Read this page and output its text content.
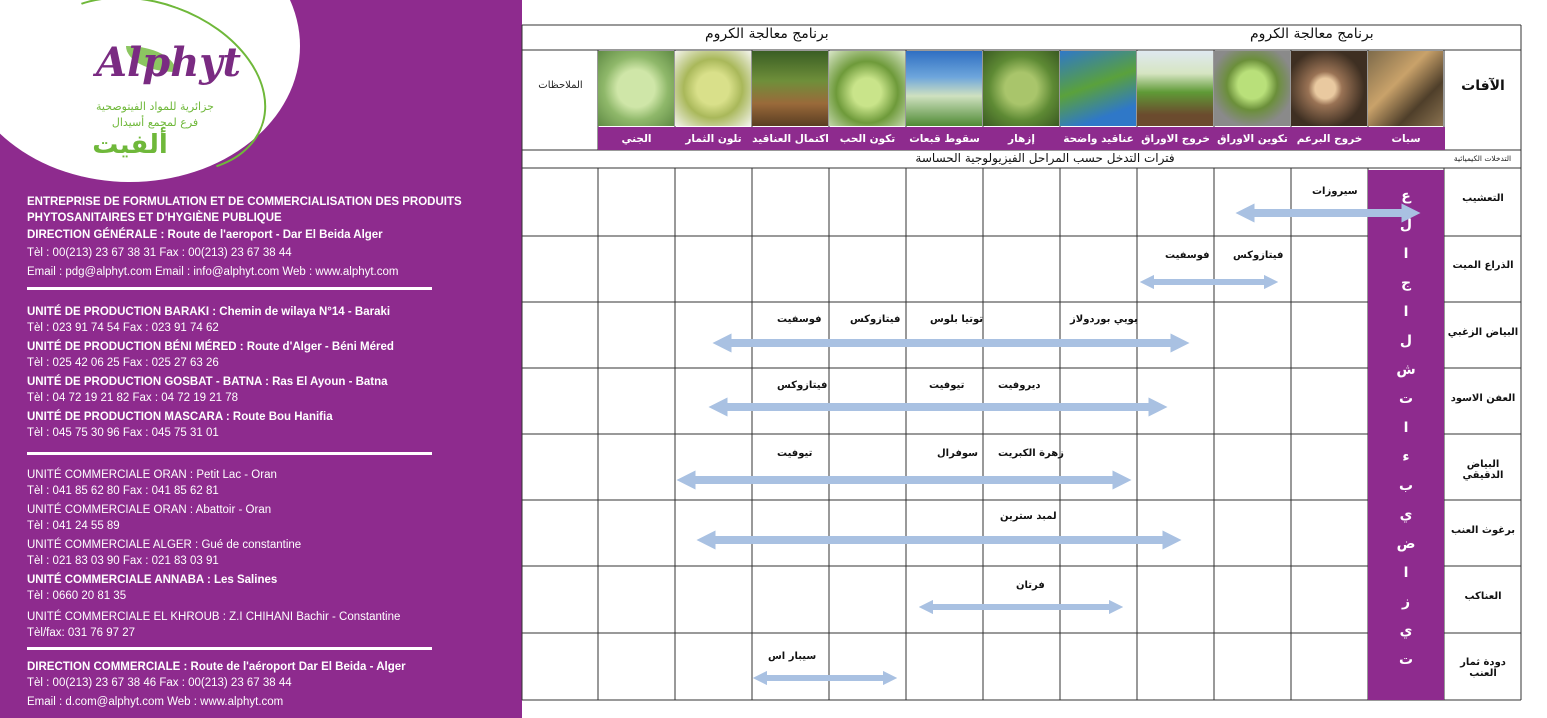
Alphyt
جزائرية للمواد الفيتوصحية
فرع لمجمع أسيدال
ألفيت
ENTREPRISE DE FORMULATION ET DE COMMERCIALISATION DES PRODUITS
PHYTOSANITAIRES ET D'HYGIÈNE PUBLIQUE
DIRECTION GÉNÉRALE : Route de l'aeroport - Dar El Beida Alger
Tèl : 00(213) 23 67 38 31 Fax : 00(213) 23 67 38 44
Email : pdg@alphyt.com Email : info@alphyt.com Web : www.alphyt.com
UNITÉ DE PRODUCTION BARAKI : Chemin de wilaya N°14 - Baraki
Tèl : 023 91 74 54 Fax : 023 91 74 62
UNITÉ DE PRODUCTION BÉNI MÉRED : Route d'Alger - Béni Méred
Tèl : 025 42 06 25 Fax : 025 27 63 26
UNITÉ DE PRODUCTION GOSBAT - BATNA : Ras El Ayoun - Batna
Tèl : 04 72 19 21 82 Fax : 04 72 19 21 78
UNITÉ DE PRODUCTION MASCARA : Route Bou Hanifia
Tèl : 045 75 30 96 Fax : 045 75 31 01
UNITÉ COMMERCIALE ORAN : Petit Lac - Oran
Tèl : 041 85 62 80 Fax : 041 85 62 81
UNITÉ COMMERCIALE ORAN : Abattoir - Oran
Tèl : 041 24 55 89
UNITÉ COMMERCIALE ALGER : Gué de constantine
Tèl : 021 83 03 90 Fax : 021 83 03 91
UNITÉ COMMERCIALE ANNABA : Les Salines
Tèl : 0660 20 81 35
UNITÉ COMMERCIALE EL KHROUB : Z.I CHIHANI Bachir - Constantine
Tèl/fax: 031 76 97 27
DIRECTION COMMERCIALE : Route de l'aéroport Dar El Beida - Alger
Tèl : 00(213) 23 67 38 46 Fax : 00(213) 23 67 38 44
Email : d.com@alphyt.com Web : www.alphyt.com
برنامج معالجة الكروم	برنامج معالجة الكروم
الملاحظات	الآفات
التدخلات الكيميائية
فترات التدخل حسب المراحل الفيزيولوجية الحساسة
سبات
خروج البرعم
تكوين الاوراق
خروج الاوراق
عناقيد واضحة
إزهار
سقوط قبعات
تكون الحب
اكتمال العناقيد
تلون الثمار
الجني
ع
ل
ا
ج
ا
ل
ش
ت
ا
ء
ب
ي
ض
ا
ز
ي
ت
التعشيب
الذراع الميت
البياض الزغبي
العفن الاسود
البياض الدقيقي
برغوث العنب
العناكب
دودة ثمار العنب
سيروزات
فيتازوكس
فوسفيت
بويي بوردولاز
توتيا بلوس
فيتازوكس
فوسفيت
ديروفيت
تيوفيت
فيتازوكس
زهرة الكبريت
سوفرال
تيوفيت
لمبد سترين
فرتان
سيبار اس
